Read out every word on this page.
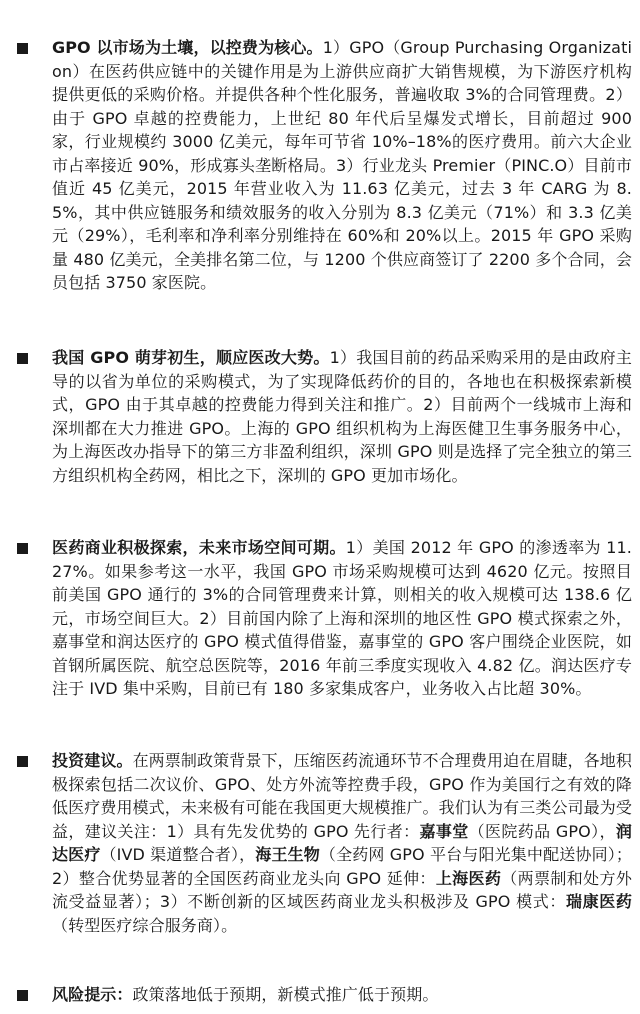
GPO 以市场为土壤，以控费为核心。1）GPO（Group Purchasing Organization）在医药供应链中的关键作用是为上游供应商扩大销售规模，为下游医疗机构提供更低的采购价格。并提供各种个性化服务，普遍收取 3%的合同管理费。2）由于 GPO 卓越的控费能力，上世纪 80 年代后呈爆发式增长，目前超过 900 家，行业规模约 3000 亿美元，每年可节省 10%–18%的医疗费用。前六大企业市占率接近 90%，形成寡头垄断格局。3）行业龙头 Premier（PINC.O）目前市值近 45 亿美元，2015 年营业收入为 11.63 亿美元，过去 3 年 CARG 为 8.5%，其中供应链服务和绩效服务的收入分别为 8.3 亿美元（71%）和 3.3 亿美元（29%），毛利率和净利率分别维持在 60%和 20%以上。2015 年 GPO 采购量 480 亿美元，全美排名第二位，与 1200 个供应商签订了 2200 多个合同，会员包括 3750 家医院。
我国 GPO 萌芽初生，顺应医改大势。1）我国目前的药品采购采用的是由政府主导的以省为单位的采购模式，为了实现降低药价的目的，各地也在积极探索新模式，GPO 由于其卓越的控费能力得到关注和推广。2）目前两个一线城市上海和深圳都在大力推进 GPO。上海的 GPO 组织机构为上海医健卫生事务服务中心，为上海医改办指导下的第三方非盈利组织，深圳 GPO 则是选择了完全独立的第三方组织机构全药网，相比之下，深圳的 GPO 更加市场化。
医药商业积极探索，未来市场空间可期。1）美国 2012 年 GPO 的渗透率为 11.27%。如果参考这一水平，我国 GPO 市场采购规模可达到 4620 亿元。按照目前美国 GPO 通行的 3%的合同管理费来计算，则相关的收入规模可达 138.6 亿元，市场空间巨大。2）目前国内除了上海和深圳的地区性 GPO 模式探索之外，嘉事堂和润达医疗的 GPO 模式值得借鉴，嘉事堂的 GPO 客户围绕企业医院，如首钢所属医院、航空总医院等，2016 年前三季度实现收入 4.82 亿。润达医疗专注于 IVD 集中采购，目前已有 180 多家集成客户，业务收入占比超 30%。
投资建议。在两票制政策背景下，压缩医药流通环节不合理费用迫在眉睫，各地积极探索包括二次议价、GPO、处方外流等控费手段，GPO 作为美国行之有效的降低医疗费用模式，未来极有可能在我国更大规模推广。我们认为有三类公司最为受益，建议关注：1）具有先发优势的 GPO 先行者：嘉事堂（医院药品 GPO），润达医疗（IVD 渠道整合者），海王生物（全药网 GPO 平台与阳光集中配送协同）；2）整合优势显著的全国医药商业龙头向 GPO 延伸：上海医药（两票制和处方外流受益显著）；3）不断创新的区域医药商业龙头积极涉及 GPO 模式：瑞康医药（转型医疗综合服务商）。
风险提示：政策落地低于预期，新模式推广低于预期。
